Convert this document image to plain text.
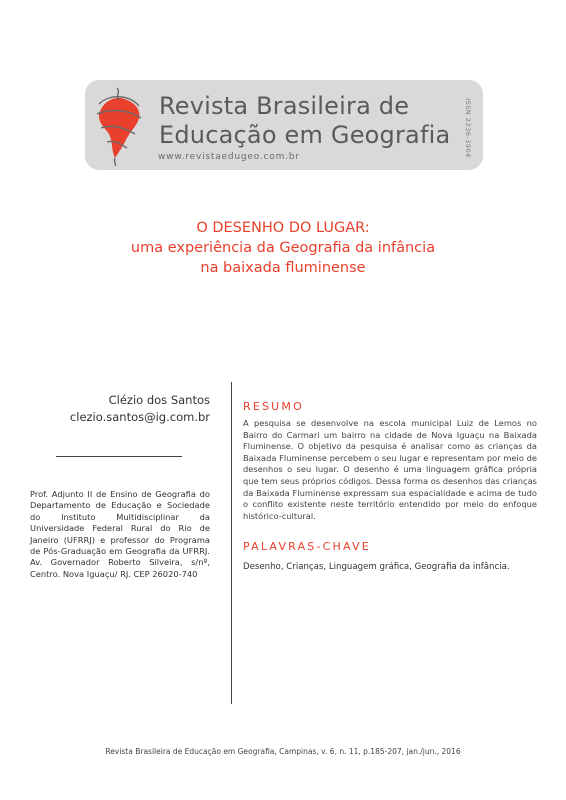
Revista Brasileira de
Educação em Geografia
www.revistaedugeo.com.br	ISSN 2236-3904
O DESENHO DO LUGAR:
uma experiência da Geografia da infância
na baixada fluminense
Clézio dos Santos
clezio.santos@ig.com.br
Prof. Adjunto II de Ensino de Geografia do Departamento de Educação e Sociedade do Instituto Multidisciplinar da Universidade Federal Rural do Rio de Janeiro (UFRRJ) e professor do Programa de Pós-Graduação em Geografia da UFRRJ. Av. Governador Roberto Silveira, s/nº, Centro. Nova Iguaçu/ RJ. CEP 26020-740
RESUMO
A pesquisa se desenvolve na escola municipal Luiz de Lemos no Bairro do Carmari um bairro na cidade de Nova Iguaçu na Baixada Fluminense. O objetivo da pesquisa é analisar como as crianças da Baixada Fluminense percebem o seu lugar e representam por meio de desenhos o seu lugar. O desenho é uma linguagem gráfica própria que tem seus próprios códigos. Dessa forma os desenhos das crianças da Baixada Fluminense expressam sua espacialidade e acima de tudo o conflito existente neste território entendido por meio do enfoque histórico-cultural.
PALAVRAS-CHAVE
Desenho, Crianças, Linguagem gráfica, Geografia da infância.
Revista Brasileira de Educação em Geografia, Campinas, v. 6, n. 11, p.185-207, jan./jun., 2016
